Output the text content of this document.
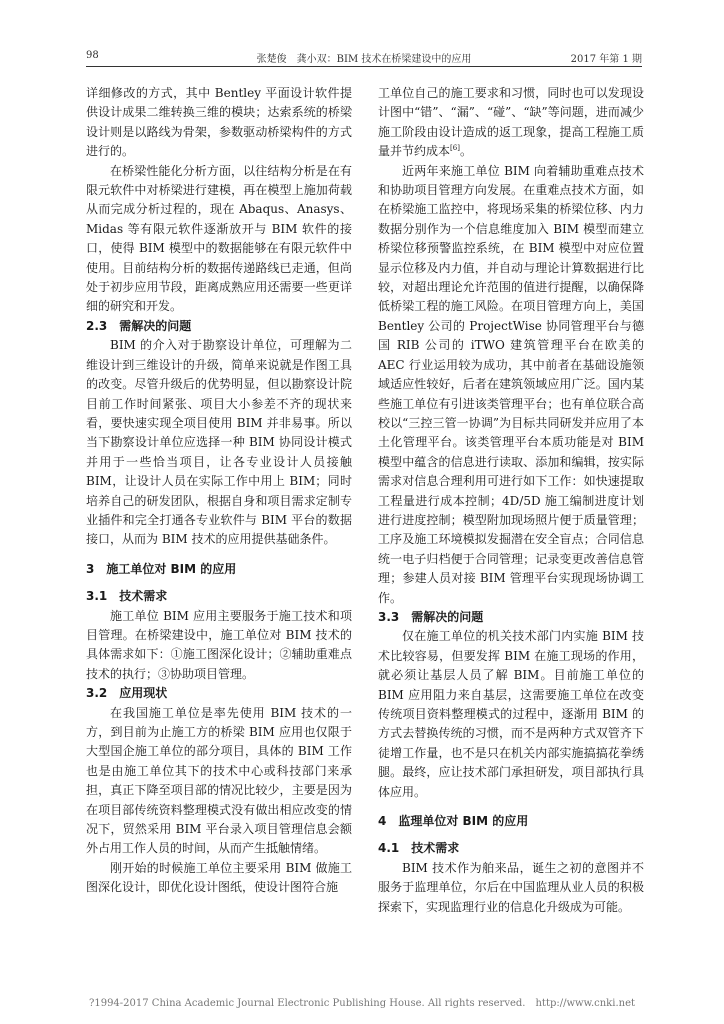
98	张楚俊　龚小双：BIM 技术在桥梁建设中的应用	2017 年第 1 期

详细修改的方式，其中 Bentley 平面设计软件提供设计成果二维转换三维的模块；达索系统的桥梁设计则是以路线为骨架，参数驱动桥梁构件的方式进行的。

在桥梁性能化分析方面，以往结构分析是在有限元软件中对桥梁进行建模，再在模型上施加荷载从而完成分析过程的，现在 Abaqus、Anasys、Midas 等有限元软件逐渐放开与 BIM 软件的接口，使得 BIM 模型中的数据能够在有限元软件中使用。目前结构分析的数据传递路线已走通，但尚处于初步应用节段，距离成熟应用还需要一些更详细的研究和开发。

2.3　需解决的问题

BIM 的介入对于勘察设计单位，可理解为二维设计到三维设计的升级，简单来说就是作图工具的改变。尽管升级后的优势明显，但以勘察设计院目前工作时间紧张、项目大小参差不齐的现状来看，要快速实现全项目使用 BIM 并非易事。所以当下勘察设计单位应选择一种 BIM 协同设计模式并用于一些恰当项目，让各专业设计人员接触 BIM，让设计人员在实际工作中用上 BIM；同时培养自己的研发团队，根据自身和项目需求定制专业插件和完全打通各专业软件与 BIM 平台的数据接口，从而为 BIM 技术的应用提供基础条件。

3　施工单位对 BIM 的应用
3.1　技术需求

施工单位 BIM 应用主要服务于施工技术和项目管理。在桥梁建设中，施工单位对 BIM 技术的具体需求如下：①施工图深化设计；②辅助重难点技术的执行；③协助项目管理。

3.2　应用现状

在我国施工单位是率先使用 BIM 技术的一方，到目前为止施工方的桥梁 BIM 应用也仅限于大型国企施工单位的部分项目，具体的 BIM 工作也是由施工单位其下的技术中心或科技部门来承担，真正下降至项目部的情况比较少，主要是因为在项目部传统资料整理模式没有做出相应改变的情况下，贸然采用 BIM 平台录入项目管理信息会额外占用工作人员的时间，从而产生抵触情绪。

刚开始的时候施工单位主要采用 BIM 做施工图深化设计，即优化设计图纸，使设计图符合施

工单位自己的施工要求和习惯，同时也可以发现设计图中“错”、“漏”、“碰”、“缺”等问题，进而减少施工阶段由设计造成的返工现象，提高工程施工质量并节约成本[6]。

近两年来施工单位 BIM 向着辅助重难点技术和协助项目管理方向发展。在重难点技术方面，如在桥梁施工监控中，将现场采集的桥梁位移、内力数据分别作为一个信息维度加入 BIM 模型而建立桥梁位移预警监控系统，在 BIM 模型中对应位置显示位移及内力值，并自动与理论计算数据进行比较，对超出理论允许范围的值进行提醒，以确保降低桥梁工程的施工风险。在项目管理方向上，美国 Bentley 公司的 ProjectWise 协同管理平台与德国 RIB 公司的 iTWO 建筑管理平台在欧美的 AEC 行业运用较为成功，其中前者在基础设施领域适应性较好，后者在建筑领域应用广泛。国内某些施工单位有引进该类管理平台；也有单位联合高校以“三控三管一协调”为目标共同研发并应用了本土化管理平台。该类管理平台本质功能是对 BIM 模型中蕴含的信息进行读取、添加和编辑，按实际需求对信息合理利用可进行如下工作：如快速提取工程量进行成本控制；4D/5D 施工编制进度计划进行进度控制；模型附加现场照片便于质量管理；工序及施工环境模拟发掘潜在安全盲点；合同信息统一电子归档便于合同管理；记录变更改善信息管理；参建人员对接 BIM 管理平台实现现场协调工作。

3.3　需解决的问题

仅在施工单位的机关技术部门内实施 BIM 技术比较容易，但要发挥 BIM 在施工现场的作用，就必须让基层人员了解 BIM。目前施工单位的 BIM 应用阻力来自基层，这需要施工单位在改变传统项目资料整理模式的过程中，逐渐用 BIM 的方式去替换传统的习惯，而不是两种方式双管齐下徒增工作量，也不是只在机关内部实施搞搞花拳绣腿。最终，应让技术部门承担研发，项目部执行具体应用。

4　监理单位对 BIM 的应用
4.1　技术需求

BIM 技术作为舶来品，诞生之初的意图并不服务于监理单位，尔后在中国监理从业人员的积极探索下，实现监理行业的信息化升级成为可能。

?1994-2017 China Academic Journal Electronic Publishing House. All rights reserved.　http://www.cnki.net
